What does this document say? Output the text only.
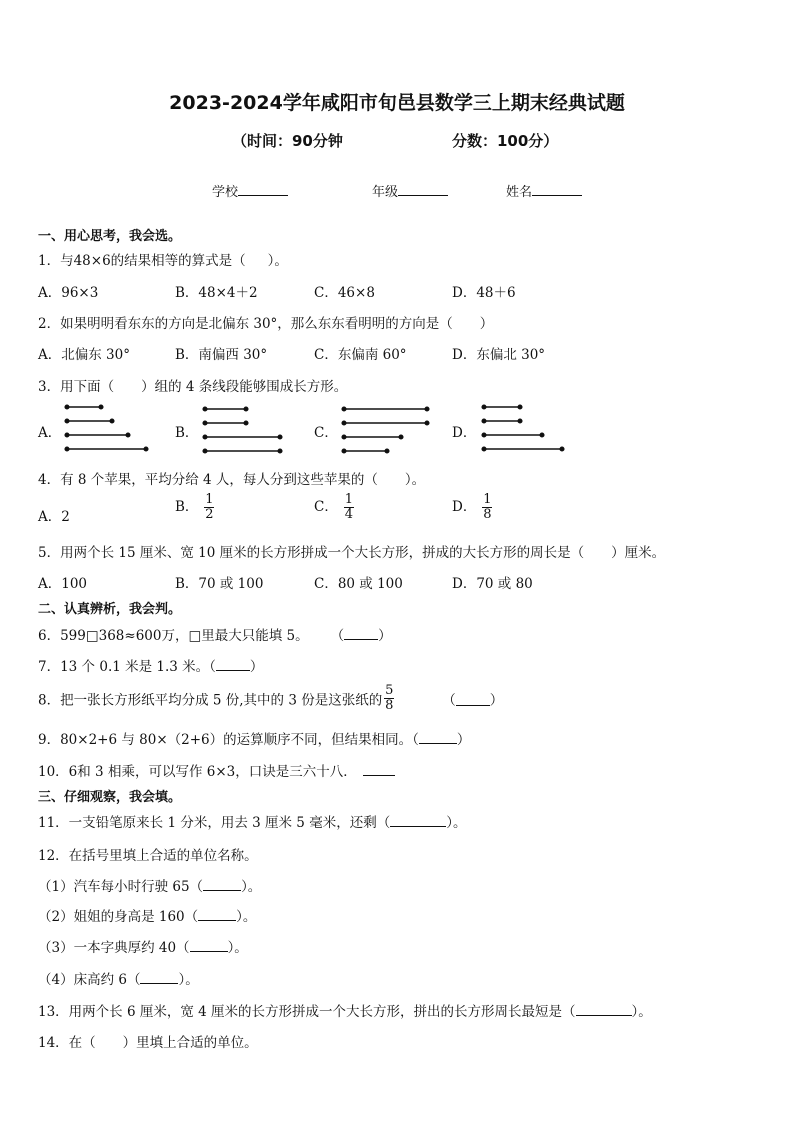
2023-2024学年咸阳市旬邑县数学三上期末经典试题
（时间：90分钟	分数：100分）
学校	年级	姓名
一、用心思考，我会选。
1．与48×6的结果相等的算式是（ ）。
A．96×3	B．48×4＋2	C．46×8	D．48＋6
2．如果明明看东东的方向是北偏东 30°，那么东东看明明的方向是（　　）
A．北偏东 30°	B．南偏西 30°	C．东偏南 60°	D．东偏北 30°
3．用下面（　　）组的 4 条线段能够围成长方形。
A．	B．	C．	D．
4．有 8 个苹果，平均分给 4 人，每人分到这些苹果的（　　）。
A．2
B． $\frac{1}{2}$	C． $\frac{1}{4}$	D． $\frac{1}{8}$
5．用两个长 15 厘米、宽 10 厘米的长方形拼成一个大长方形，拼成的大长方形的周长是（　　）厘米。
A．100	B．70 或 100	C．80 或 100	D．70 或 80
二、认真辨析，我会判。
6．599□368≈600万，□里最大只能填 5。 （	）
7．13 个 0.1 米是 1.3 米。（	）
8．把一张长方形纸平均分成 5 份,其中的 3 份是这张纸的 $\frac{5}{8}$	（	）
9．80×2+6 与 80×（2+6）的运算顺序不同，但结果相同。（	）
10．6和 3 相乘，可以写作 6×3，口诀是三六十八．
三、仔细观察，我会填。
11．一支铅笔原来长 1 分米，用去 3 厘米 5 毫米，还剩（	）。
12．在括号里填上合适的单位名称。
（1）汽车每小时行驶 65（	）。
（2）姐姐的身高是 160（	）。
（3）一本字典厚约 40（	）。
（4）床高约 6（	）。
13．用两个长 6 厘米，宽 4 厘米的长方形拼成一个大长方形，拼出的长方形周长最短是（	）。
14．在（　　）里填上合适的单位。
